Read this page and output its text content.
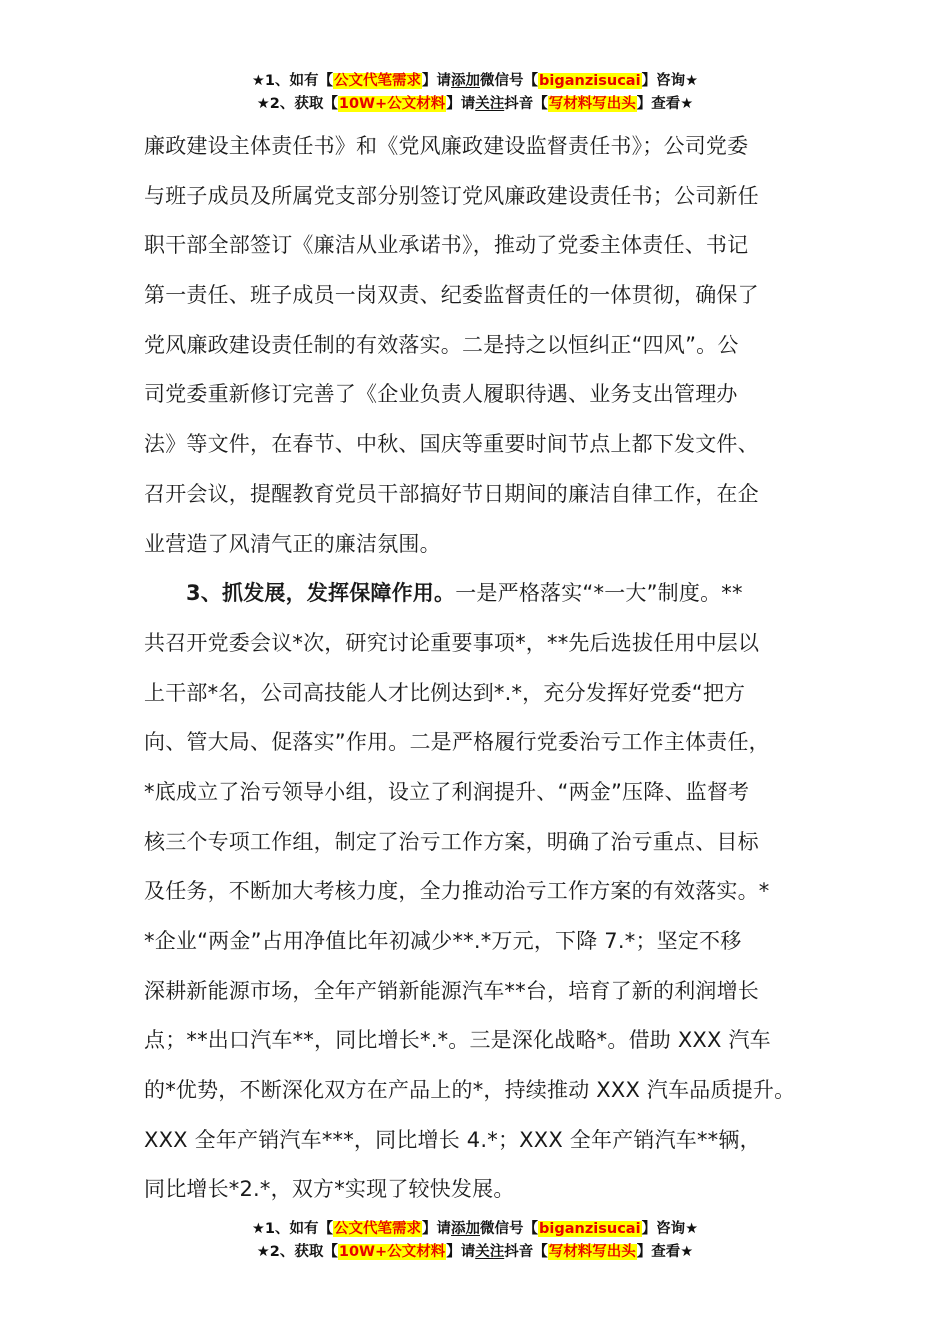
★1、如有【公文代笔需求】请添加微信号【biganzisucai】咨询★
★2、获取【10W+公文材料】请关注抖音【写材料写出头】查看★
廉政建设主体责任书》和《党风廉政建设监督责任书》；公司党委
与班子成员及所属党支部分别签订党风廉政建设责任书；公司新任
职干部全部签订《廉洁从业承诺书》，推动了党委主体责任、书记
第一责任、班子成员一岗双责、纪委监督责任的一体贯彻，确保了
党风廉政建设责任制的有效落实。二是持之以恒纠正“四风”。公
司党委重新修订完善了《企业负责人履职待遇、业务支出管理办
法》等文件，在春节、中秋、国庆等重要时间节点上都下发文件、
召开会议，提醒教育党员干部搞好节日期间的廉洁自律工作，在企
业营造了风清气正的廉洁氛围。
3、抓发展，发挥保障作用。一是严格落实“*一大”制度。**
共召开党委会议*次，研究讨论重要事项*，**先后选拔任用中层以
上干部*名，公司高技能人才比例达到*.*，充分发挥好党委“把方
向、管大局、促落实”作用。二是严格履行党委治亏工作主体责任，
*底成立了治亏领导小组，设立了利润提升、“两金”压降、监督考
核三个专项工作组，制定了治亏工作方案，明确了治亏重点、目标
及任务，不断加大考核力度，全力推动治亏工作方案的有效落实。*
*企业“两金”占用净值比年初减少**.*万元，下降 7.*；坚定不移
深耕新能源市场，全年产销新能源汽车**台，培育了新的利润增长
点；**出口汽车**，同比增长*.*。三是深化战略*。借助 XXX 汽车
的*优势，不断深化双方在产品上的*，持续推动 XXX 汽车品质提升。
XXX 全年产销汽车***，同比增长 4.*；XXX 全年产销汽车**辆，
同比增长*2.*，双方*实现了较快发展。
★1、如有【公文代笔需求】请添加微信号【biganzisucai】咨询★
★2、获取【10W+公文材料】请关注抖音【写材料写出头】查看★
